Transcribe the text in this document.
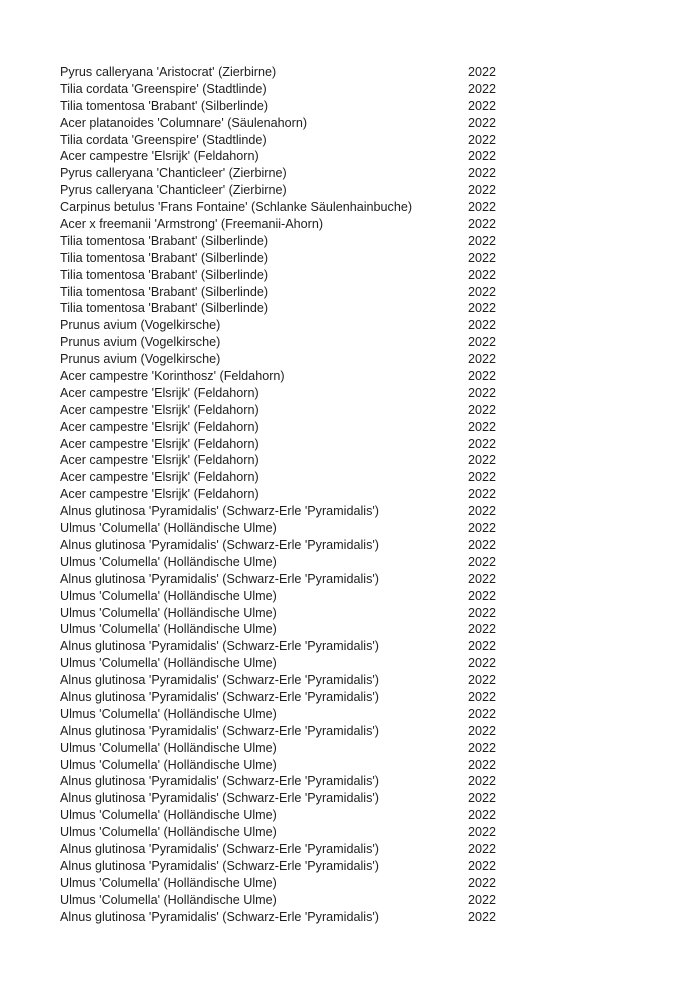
Pyrus calleryana 'Aristocrat' (Zierbirne)	2022
Tilia cordata 'Greenspire' (Stadtlinde)	2022
Tilia tomentosa 'Brabant' (Silberlinde)	2022
Acer platanoides 'Columnare' (Säulenahorn)	2022
Tilia cordata 'Greenspire' (Stadtlinde)	2022
Acer campestre 'Elsrijk' (Feldahorn)	2022
Pyrus calleryana 'Chanticleer' (Zierbirne)	2022
Pyrus calleryana 'Chanticleer' (Zierbirne)	2022
Carpinus betulus 'Frans Fontaine' (Schlanke Säulenhainbuche)	2022
Acer x freemanii 'Armstrong' (Freemanii-Ahorn)	2022
Tilia tomentosa 'Brabant' (Silberlinde)	2022
Tilia tomentosa 'Brabant' (Silberlinde)	2022
Tilia tomentosa 'Brabant' (Silberlinde)	2022
Tilia tomentosa 'Brabant' (Silberlinde)	2022
Tilia tomentosa 'Brabant' (Silberlinde)	2022
Prunus avium (Vogelkirsche)	2022
Prunus avium (Vogelkirsche)	2022
Prunus avium (Vogelkirsche)	2022
Acer campestre 'Korinthosz' (Feldahorn)	2022
Acer campestre 'Elsrijk' (Feldahorn)	2022
Acer campestre 'Elsrijk' (Feldahorn)	2022
Acer campestre 'Elsrijk' (Feldahorn)	2022
Acer campestre 'Elsrijk' (Feldahorn)	2022
Acer campestre 'Elsrijk' (Feldahorn)	2022
Acer campestre 'Elsrijk' (Feldahorn)	2022
Acer campestre 'Elsrijk' (Feldahorn)	2022
Alnus glutinosa 'Pyramidalis' (Schwarz-Erle 'Pyramidalis')	2022
Ulmus 'Columella' (Holländische Ulme)	2022
Alnus glutinosa 'Pyramidalis' (Schwarz-Erle 'Pyramidalis')	2022
Ulmus 'Columella' (Holländische Ulme)	2022
Alnus glutinosa 'Pyramidalis' (Schwarz-Erle 'Pyramidalis')	2022
Ulmus 'Columella' (Holländische Ulme)	2022
Ulmus 'Columella' (Holländische Ulme)	2022
Ulmus 'Columella' (Holländische Ulme)	2022
Alnus glutinosa 'Pyramidalis' (Schwarz-Erle 'Pyramidalis')	2022
Ulmus 'Columella' (Holländische Ulme)	2022
Alnus glutinosa 'Pyramidalis' (Schwarz-Erle 'Pyramidalis')	2022
Alnus glutinosa 'Pyramidalis' (Schwarz-Erle 'Pyramidalis')	2022
Ulmus 'Columella' (Holländische Ulme)	2022
Alnus glutinosa 'Pyramidalis' (Schwarz-Erle 'Pyramidalis')	2022
Ulmus 'Columella' (Holländische Ulme)	2022
Ulmus 'Columella' (Holländische Ulme)	2022
Alnus glutinosa 'Pyramidalis' (Schwarz-Erle 'Pyramidalis')	2022
Alnus glutinosa 'Pyramidalis' (Schwarz-Erle 'Pyramidalis')	2022
Ulmus 'Columella' (Holländische Ulme)	2022
Ulmus 'Columella' (Holländische Ulme)	2022
Alnus glutinosa 'Pyramidalis' (Schwarz-Erle 'Pyramidalis')	2022
Alnus glutinosa 'Pyramidalis' (Schwarz-Erle 'Pyramidalis')	2022
Ulmus 'Columella' (Holländische Ulme)	2022
Ulmus 'Columella' (Holländische Ulme)	2022
Alnus glutinosa 'Pyramidalis' (Schwarz-Erle 'Pyramidalis')	2022
